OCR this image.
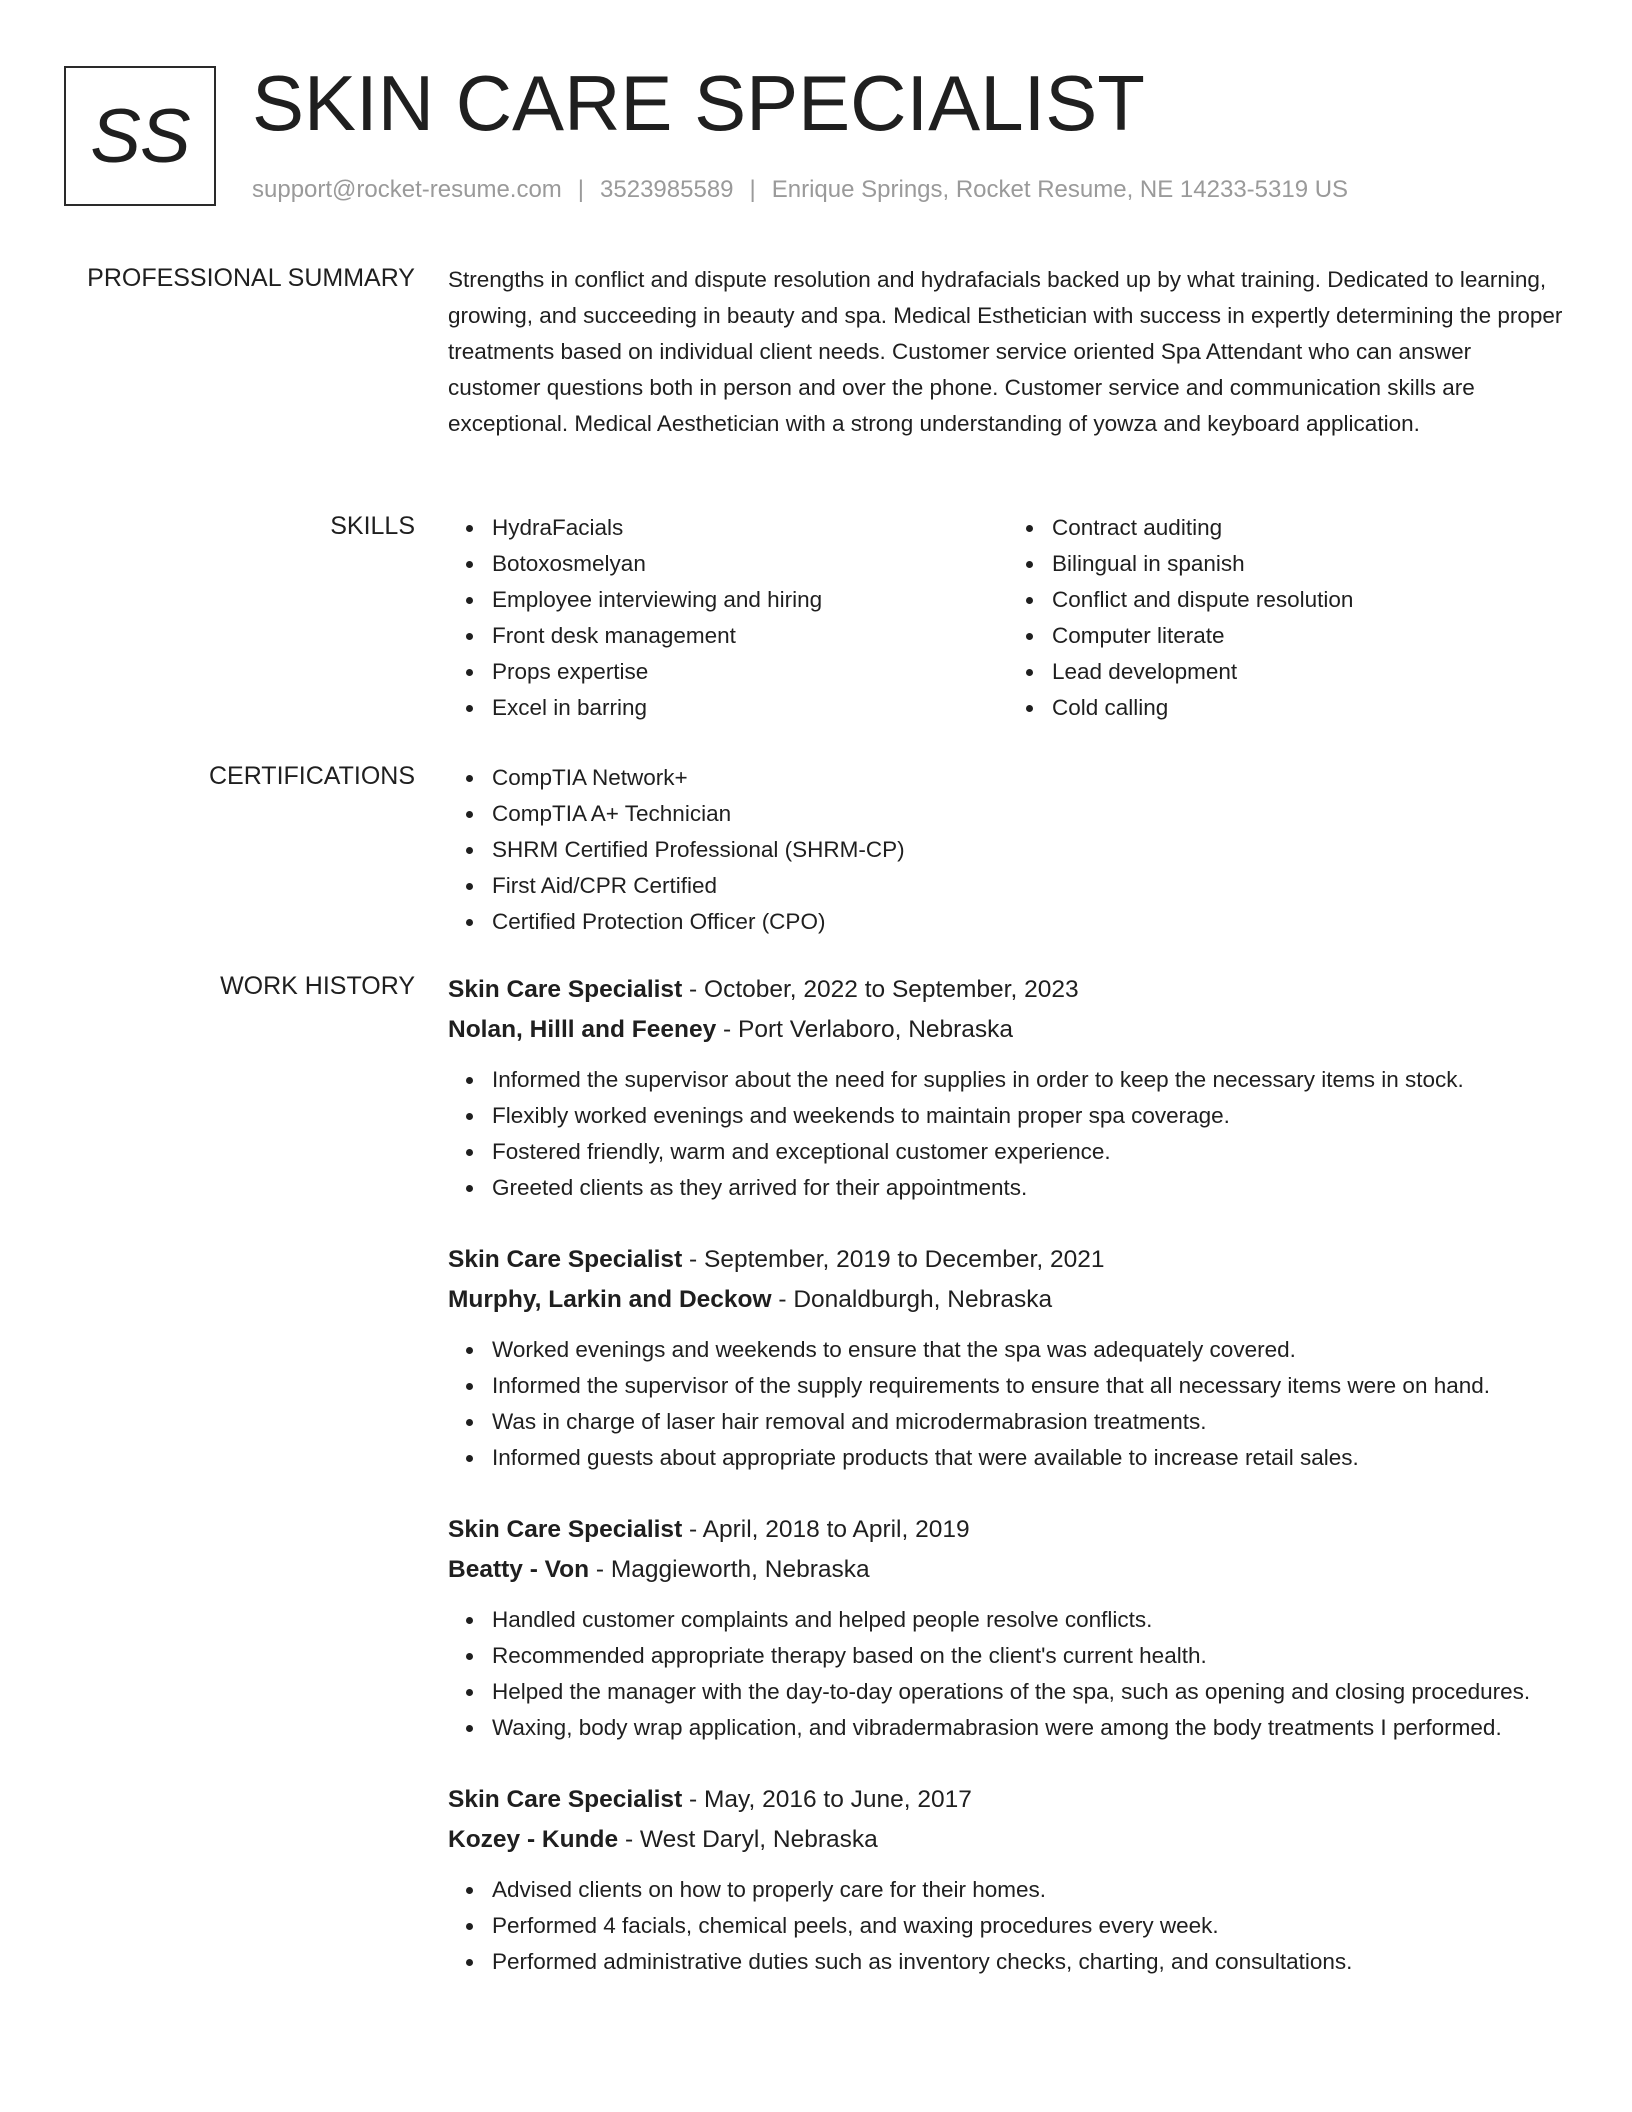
SS SKIN CARE SPECIALIST
support@rocket-resume.com | 3523985589 | Enrique Springs, Rocket Resume, NE 14233-5319 US
PROFESSIONAL SUMMARY Strengths in conflict and dispute resolution and hydrafacials backed up by what training. Dedicated to learning, growing, and succeeding in beauty and spa. Medical Esthetician with success in expertly determining the proper treatments based on individual client needs. Customer service oriented Spa Attendant who can answer customer questions both in person and over the phone. Customer service and communication skills are exceptional. Medical Aesthetician with a strong understanding of yowza and keyboard application.

SKILLS	HydraFacials
Botoxosmelyan
Employee interviewing and hiring
Front desk management
Props expertise
Excel in barring
Contract auditing
Bilingual in spanish
Conflict and dispute resolution
Computer literate
Lead development
Cold calling
CERTIFICATIONS	CompTIA Network+
CompTIA A+ Technician
SHRM Certified Professional (SHRM-CP)
First Aid/CPR Certified
Certified Protection Officer (CPO)
WORK HISTORY Skin Care Specialist - October, 2022 to September, 2023
Nolan, Hilll and Feeney - Port Verlaboro, Nebraska
Informed the supervisor about the need for supplies in order to keep the necessary items in stock.
Flexibly worked evenings and weekends to maintain proper spa coverage.
Fostered friendly, warm and exceptional customer experience.
Greeted clients as they arrived for their appointments.
Skin Care Specialist - September, 2019 to December, 2021
Murphy, Larkin and Deckow - Donaldburgh, Nebraska
Worked evenings and weekends to ensure that the spa was adequately covered.
Informed the supervisor of the supply requirements to ensure that all necessary items were on hand.
Was in charge of laser hair removal and microdermabrasion treatments.
Informed guests about appropriate products that were available to increase retail sales.
Skin Care Specialist - April, 2018 to April, 2019
Beatty - Von - Maggieworth, Nebraska
Handled customer complaints and helped people resolve conflicts.
Recommended appropriate therapy based on the client's current health.
Helped the manager with the day-to-day operations of the spa, such as opening and closing procedures.
Waxing, body wrap application, and vibradermabrasion were among the body treatments I performed.
Skin Care Specialist - May, 2016 to June, 2017
Kozey - Kunde - West Daryl, Nebraska
Advised clients on how to properly care for their homes.
Performed 4 facials, chemical peels, and waxing procedures every week.
Performed administrative duties such as inventory checks, charting, and consultations.
